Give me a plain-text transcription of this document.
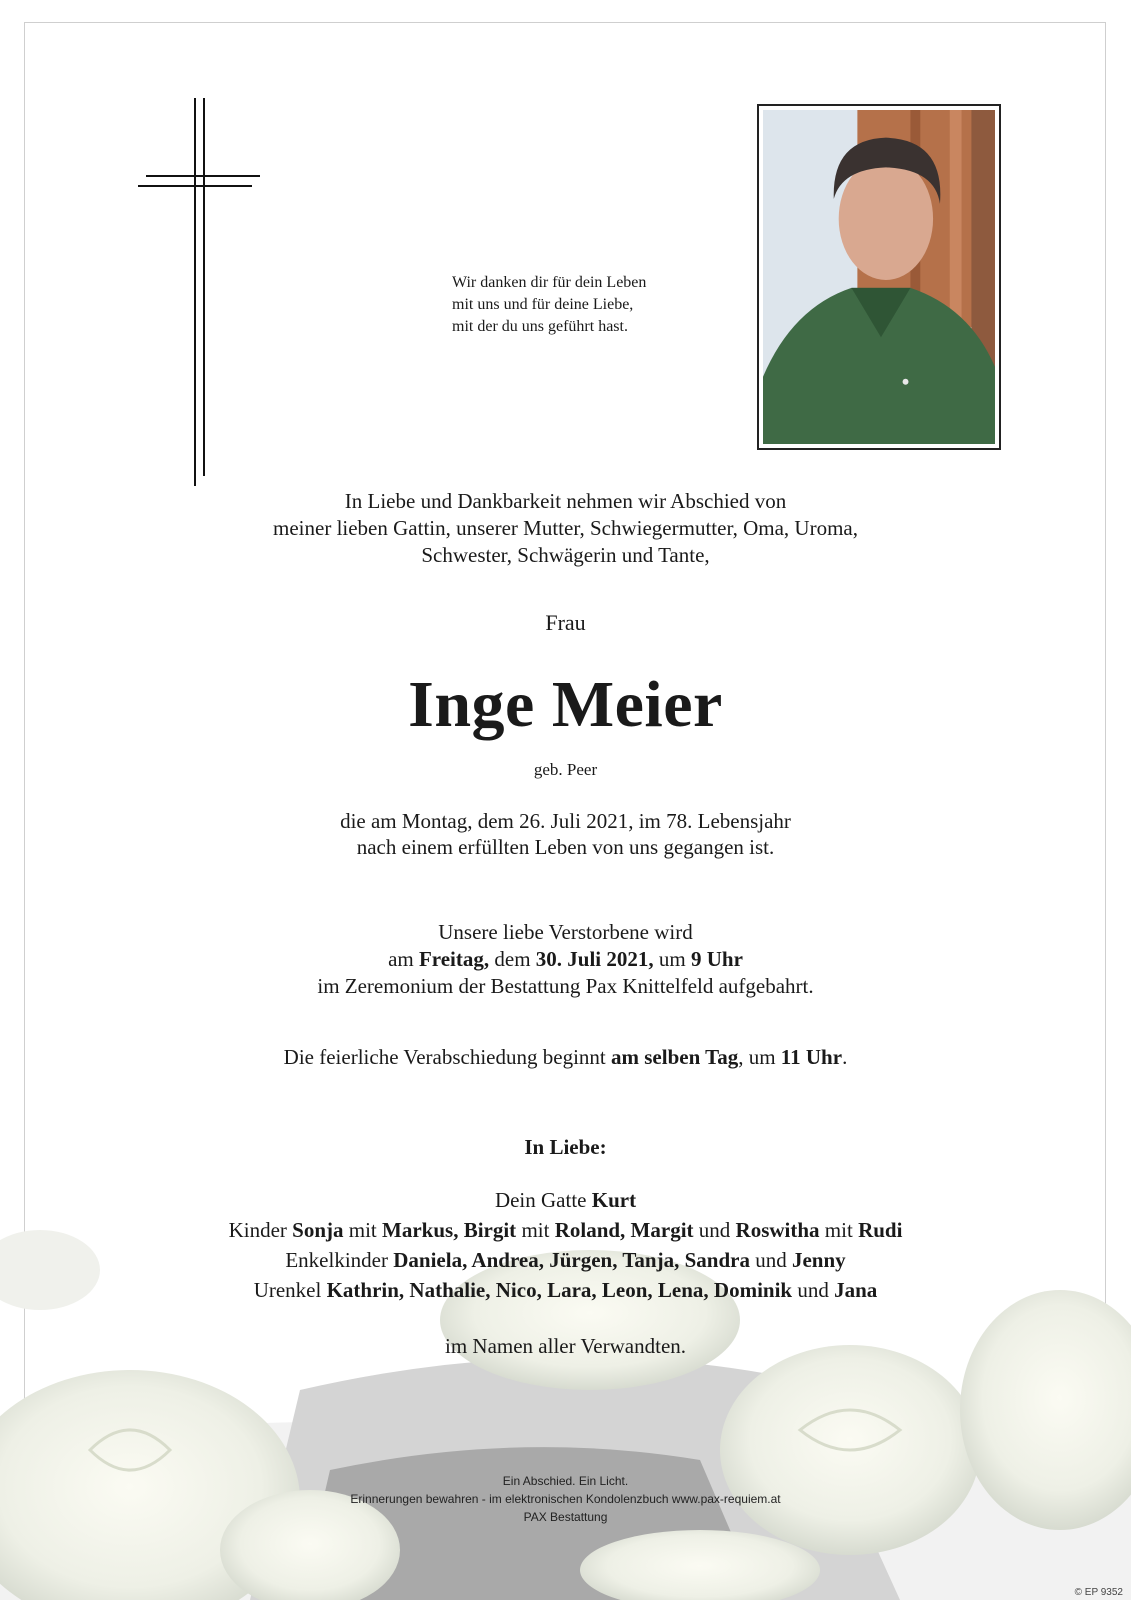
Wir danken dir für dein Leben
mit uns und für deine Liebe,
mit der du uns geführt hast.
In Liebe und Dankbarkeit nehmen wir Abschied von
meiner lieben Gattin, unserer Mutter, Schwiegermutter, Oma, Uroma,
Schwester, Schwägerin und Tante,
Frau
Inge Meier
geb. Peer
die am Montag, dem 26. Juli 2021, im 78. Lebensjahr
nach einem erfüllten Leben von uns gegangen ist.
Unsere liebe Verstorbene wird
am Freitag, dem 30. Juli 2021, um 9 Uhr
im Zeremonium der Bestattung Pax Knittelfeld aufgebahrt.
Die feierliche Verabschiedung beginnt am selben Tag, um 11 Uhr.
In Liebe:
Dein Gatte Kurt
Kinder Sonja mit Markus, Birgit mit Roland, Margit und Roswitha mit Rudi
Enkelkinder Daniela, Andrea, Jürgen, Tanja, Sandra und Jenny
Urenkel Kathrin, Nathalie, Nico, Lara, Leon, Lena, Dominik und Jana
im Namen aller Verwandten.
Ein Abschied. Ein Licht.
Erinnerungen bewahren - im elektronischen Kondolenzbuch www.pax-requiem.at
PAX Bestattung
© EP 9352
